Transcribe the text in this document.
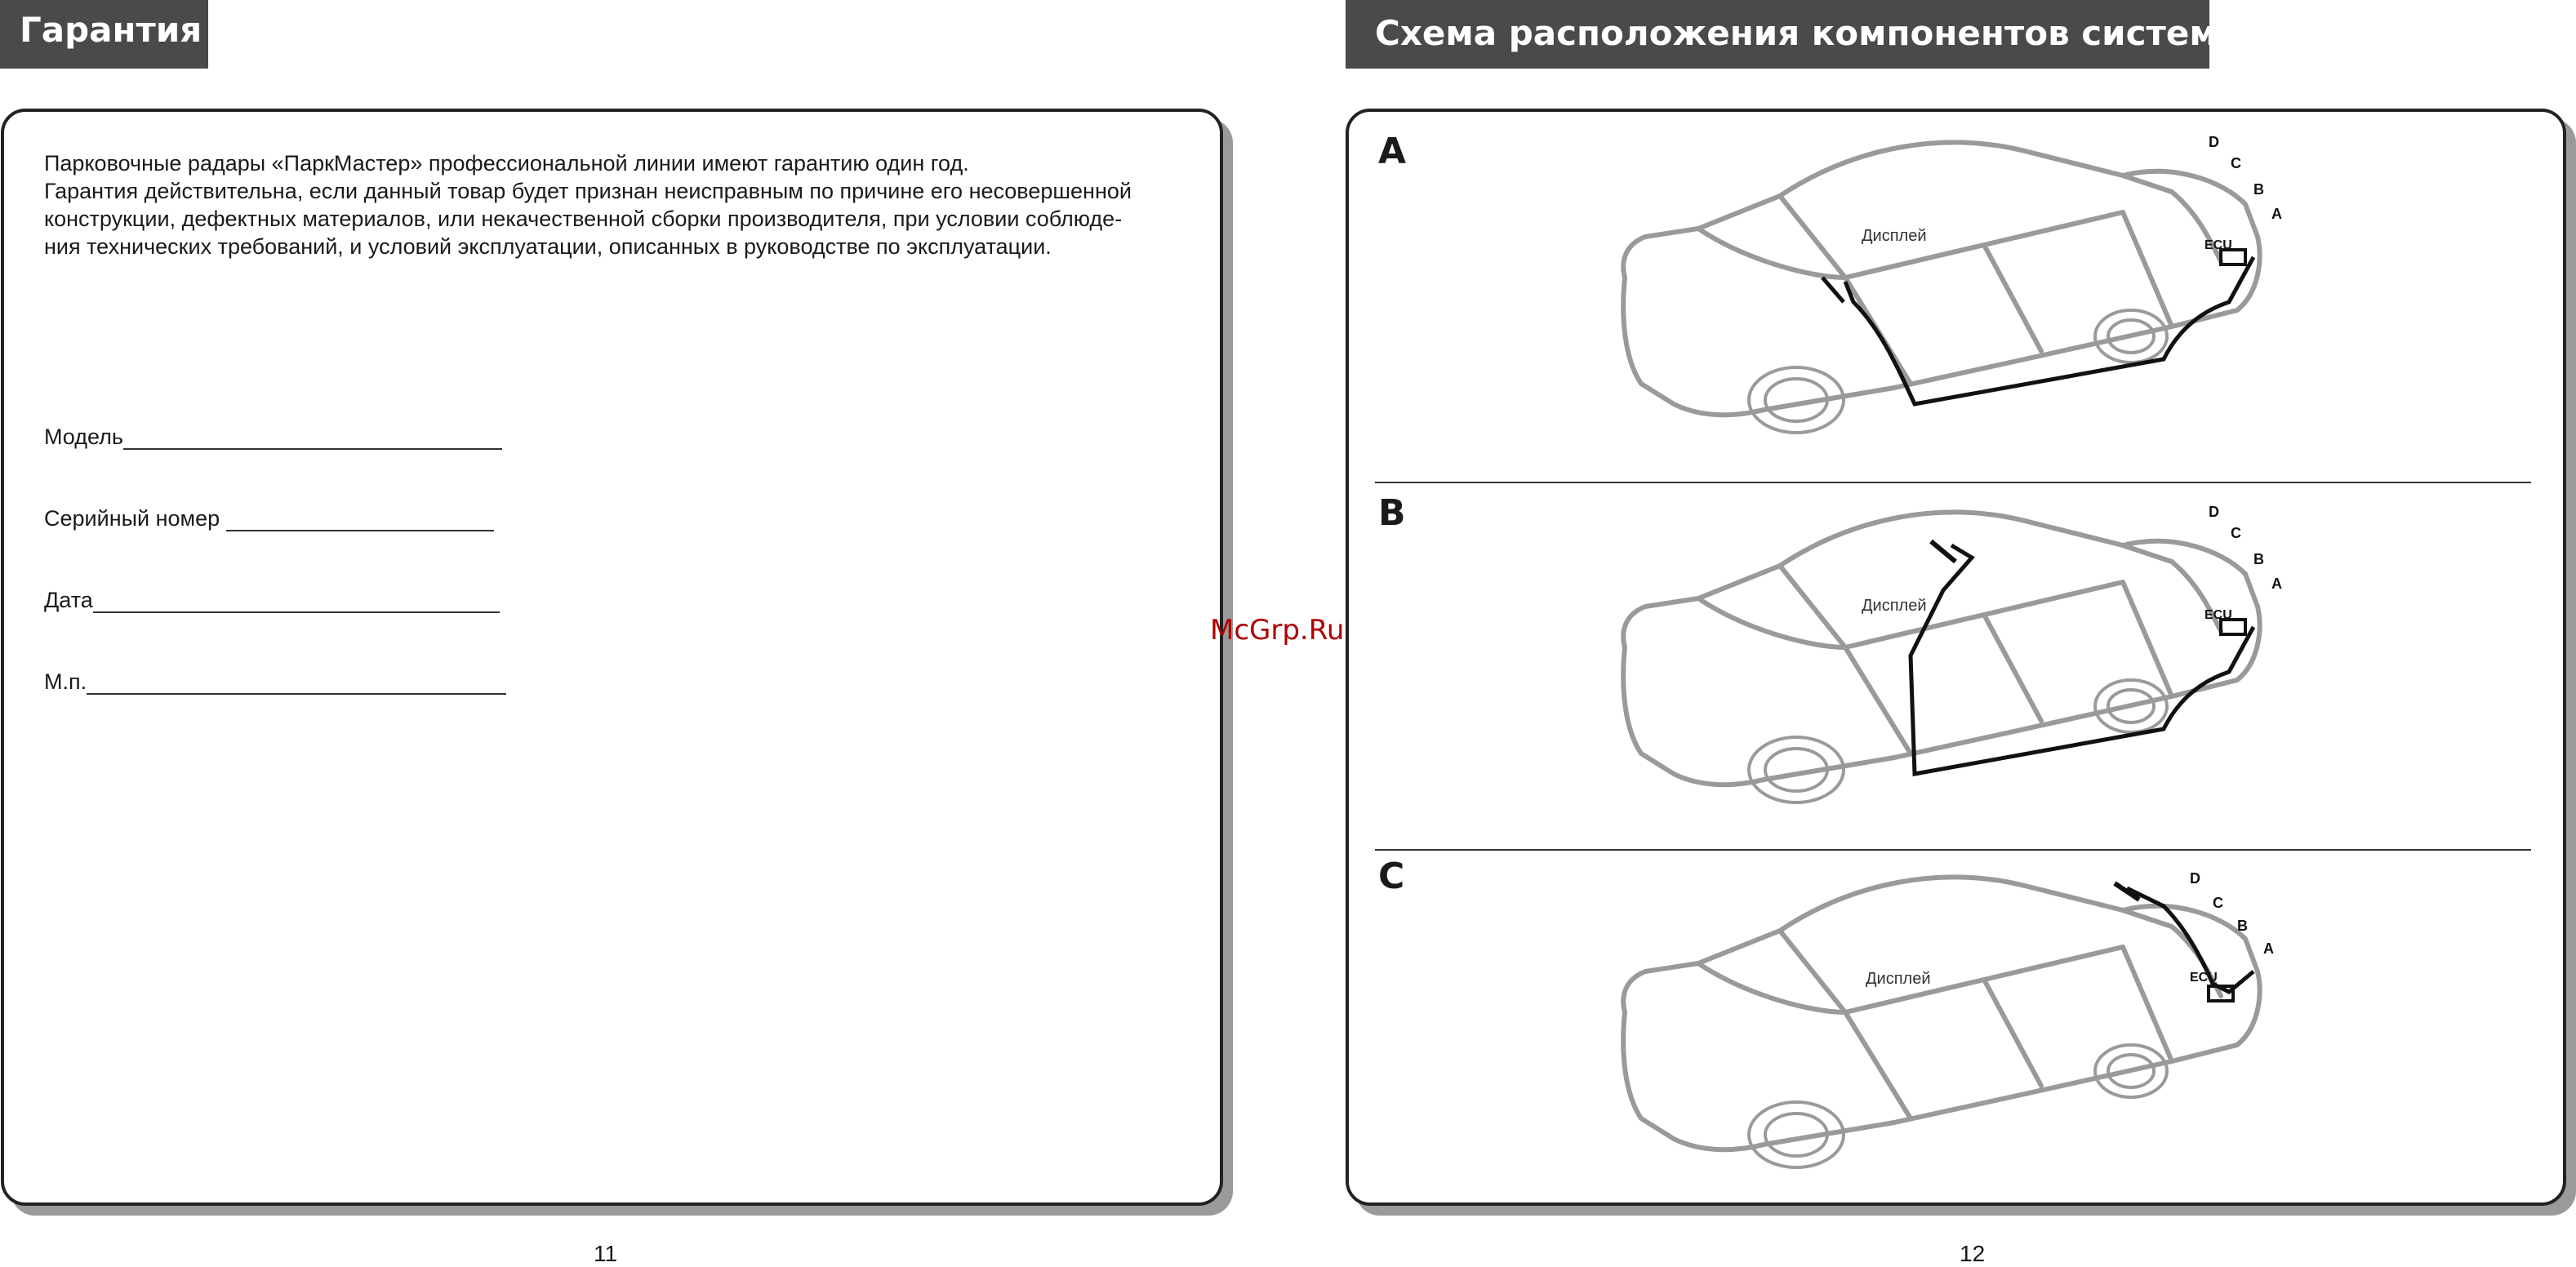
Гарантия

Парковочные радары «ПаркМастер» профессиональной линии имеют гарантию один год.

Гарантия действительна, если данный товар будет признан неисправным по причине его несовершенной

конструкции, дефектных материалов, или некачественной сборки производителя, при условии соблюде-

ния технических требований, и условий эксплуатации, описанных в руководстве по эксплуатации.

Модель
Серийный номер
Дата
М.п.
11
Схема расположения компонентов системы
A
Дисплей
ECU
D
C
B
A
B
Дисплей
ECU
D
C
B
A
C
Дисплей	ECU
D
C
B
A
McGrp.Ru
12
